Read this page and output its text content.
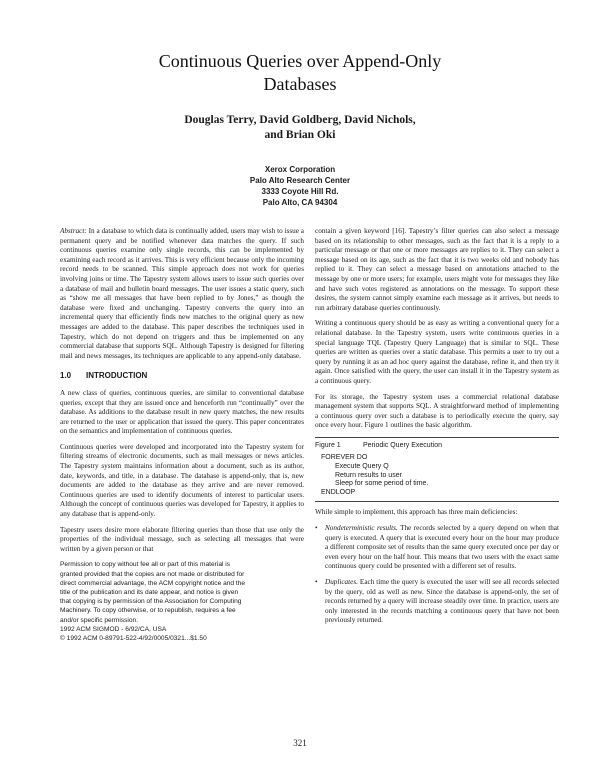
Continuous Queries over Append-Only
Databases
Douglas Terry, David Goldberg, David Nichols,
and Brian Oki
Xerox Corporation
Palo Alto Research Center
3333 Coyote Hill Rd.
Palo Alto, CA 94304

Abstract: In a database to which data is continually added, users may wish to issue a permanent query and be notified whenever data matches the query. If such continuous queries examine only single records, this can be implemented by examining each record as it arrives. This is very efficient because only the incoming record needs to be scanned. This simple approach does not work for queries involving joins or time. The Tapestry system allows users to issue such queries over a database of mail and bulletin board messages. The user issues a static query, such as “show me all messages that have been replied to by Jones,” as though the database were fixed and unchanging. Tapestry converts the query into an incremental query that efficiently finds new matches to the original query as new messages are added to the database. This paper describes the techniques used in Tapestry, which do not depend on triggers and thus be implemented on any commercial database that supports SQL. Although Tapestry is designed for filtering mail and news messages, its techniques are applicable to any append-only database.

1.0 INTRODUCTION

A new class of queries, continuous queries, are similar to conventional database queries, except that they are issued once and henceforth run “continually” over the database. As additions to the database result in new query matches, the new results are returned to the user or application that issued the query. This paper concentrates on the semantics and implementation of continuous queries.

Continuous queries were developed and incorporated into the Tapestry system for filtering streams of electronic documents, such as mail messages or news articles. The Tapestry system maintains information about a document, such as its author, date, keywords, and title, in a database. The database is append-only, that is, new documents are added to the database as they arrive and are never removed. Continuous queries are used to identify documents of interest to particular users. Although the concept of continuous queries was developed for Tapestry, it applies to any database that is append-only.

Tapestry users desire more elaborate filtering queries than those that use only the properties of the individual message, such as selecting all messages that were written by a given person or that

Permission to copy without fee all or part of this material is
granted provided that the copies are not made or distributed for
direct commercial advantage, the ACM copyright notice and the
title of the publication and its date appear, and notice is given
that copying is by permission of the Association for Computing
Machinery. To copy otherwise, or to republish, requires a fee
and/or specific permission.
1992 ACM SIGMOD - 6/92/CA, USA
© 1992 ACM 0-89791-522-4/92/0005/0321...$1.50

contain a given keyword [16]. Tapestry’s filter queries can also select a message based on its relationship to other messages, such as the fact that it is a reply to a particular message or that one or more messages are replies to it. They can select a message based on its age, such as the fact that it is two weeks old and nobody has replied to it. They can select a message based on annotations attached to the message by one or more users; for example, users might vote for messages they like and have such votes registered as annotations on the message. To support these desires, the system cannot simply examine each message as it arrives, but needs to run arbitrary database queries continuously.

Writing a continuous query should be as easy as writing a conventional query for a relational database. In the Tapestry system, users write continuous queries in a special language TQL (Tapestry Query Language) that is similar to SQL. These queries are written as queries over a static database. This permits a user to try out a query by running it as an ad hoc query against the database, refine it, and then try it again. Once satisfied with the query, the user can install it in the Tapestry system as a continuous query.

For its storage, the Tapestry system uses a commercial relational database management system that supports SQL. A straightforward method of implementing a continuous query over such a database is to periodically execute the query, say once every hour. Figure 1 outlines the basic algorithm.

Figure 1	Periodic Query Execution
FOREVER DO
Execute Query Q
Return results to user
Sleep for some period of time.
ENDLOOP

While simple to implement, this approach has three main deficiencies:

• Nondeterministic results. The records selected by a query depend on when that query is executed. A query that is executed every hour on the hour may produce a different composite set of results than the same query executed once per day or even every hour on the half hour. This means that two users with the exact same continuous query could be presented with a different set of results.
• Duplicates. Each time the query is executed the user will see all records selected by the query, old as well as new. Since the database is append-only, the set of records returned by a query will increase steadily over time. In practice, users are only interested in the records matching a continuous query that have not been previously returned.
321
